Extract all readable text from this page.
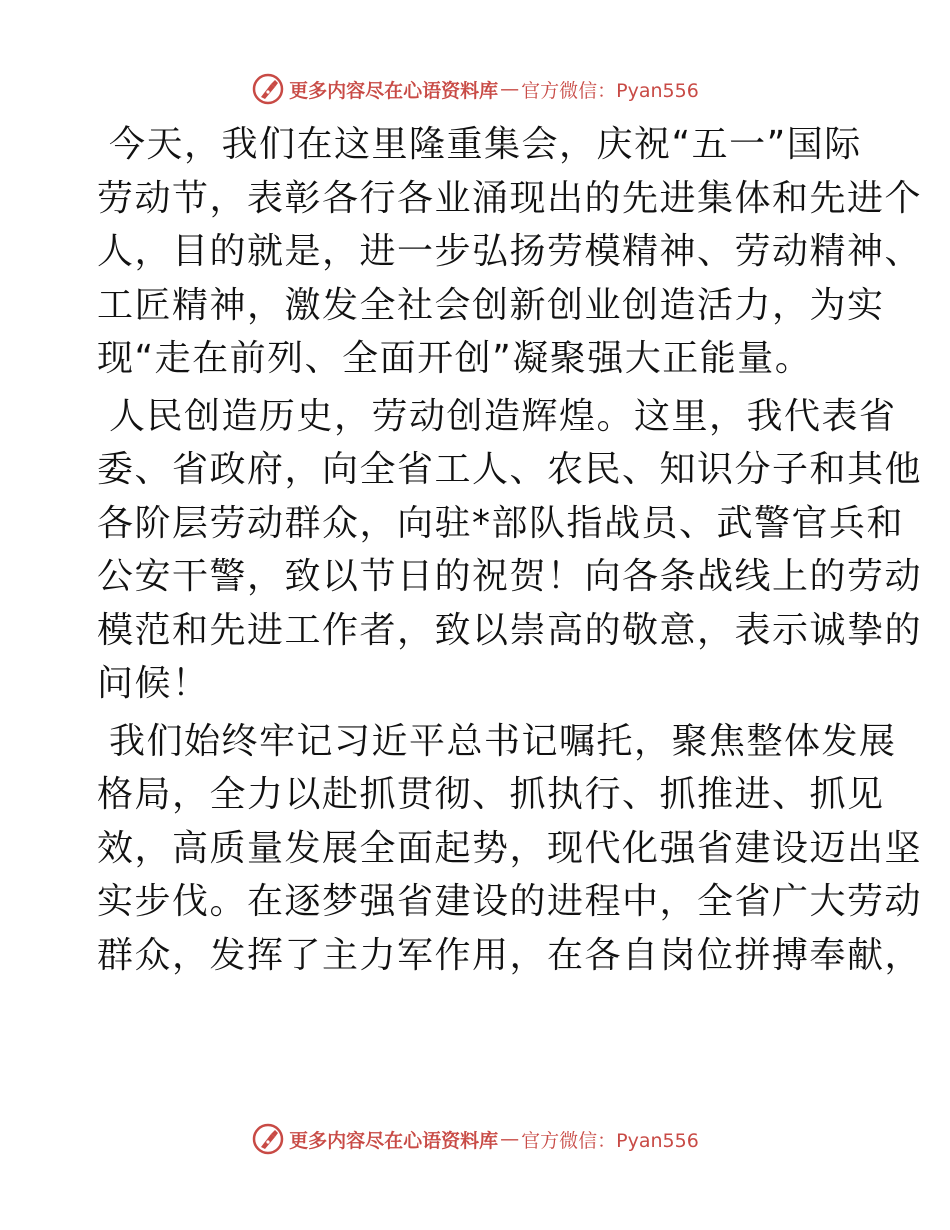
更多内容尽在心语资料库 — 官方微信：Pyan556
今天，我们在这里隆重集会，庆祝“五一”国际
劳动节，表彰各行各业涌现出的先进集体和先进个
人，目的就是，进一步弘扬劳模精神、劳动精神、
工匠精神，激发全社会创新创业创造活力，为实
现“走在前列、全面开创”凝聚强大正能量。
人民创造历史，劳动创造辉煌。这里，我代表省
委、省政府，向全省工人、农民、知识分子和其他
各阶层劳动群众，向驻*部队指战员、武警官兵和
公安干警，致以节日的祝贺！向各条战线上的劳动
模范和先进工作者，致以崇高的敬意，表示诚挚的
问候！
我们始终牢记习近平总书记嘱托，聚焦整体发展
格局，全力以赴抓贯彻、抓执行、抓推进、抓见
效，高质量发展全面起势，现代化强省建设迈出坚
实步伐。在逐梦强省建设的进程中，全省广大劳动
群众，发挥了主力军作用，在各自岗位拼搏奉献，
更多内容尽在心语资料库 — 官方微信：Pyan556
